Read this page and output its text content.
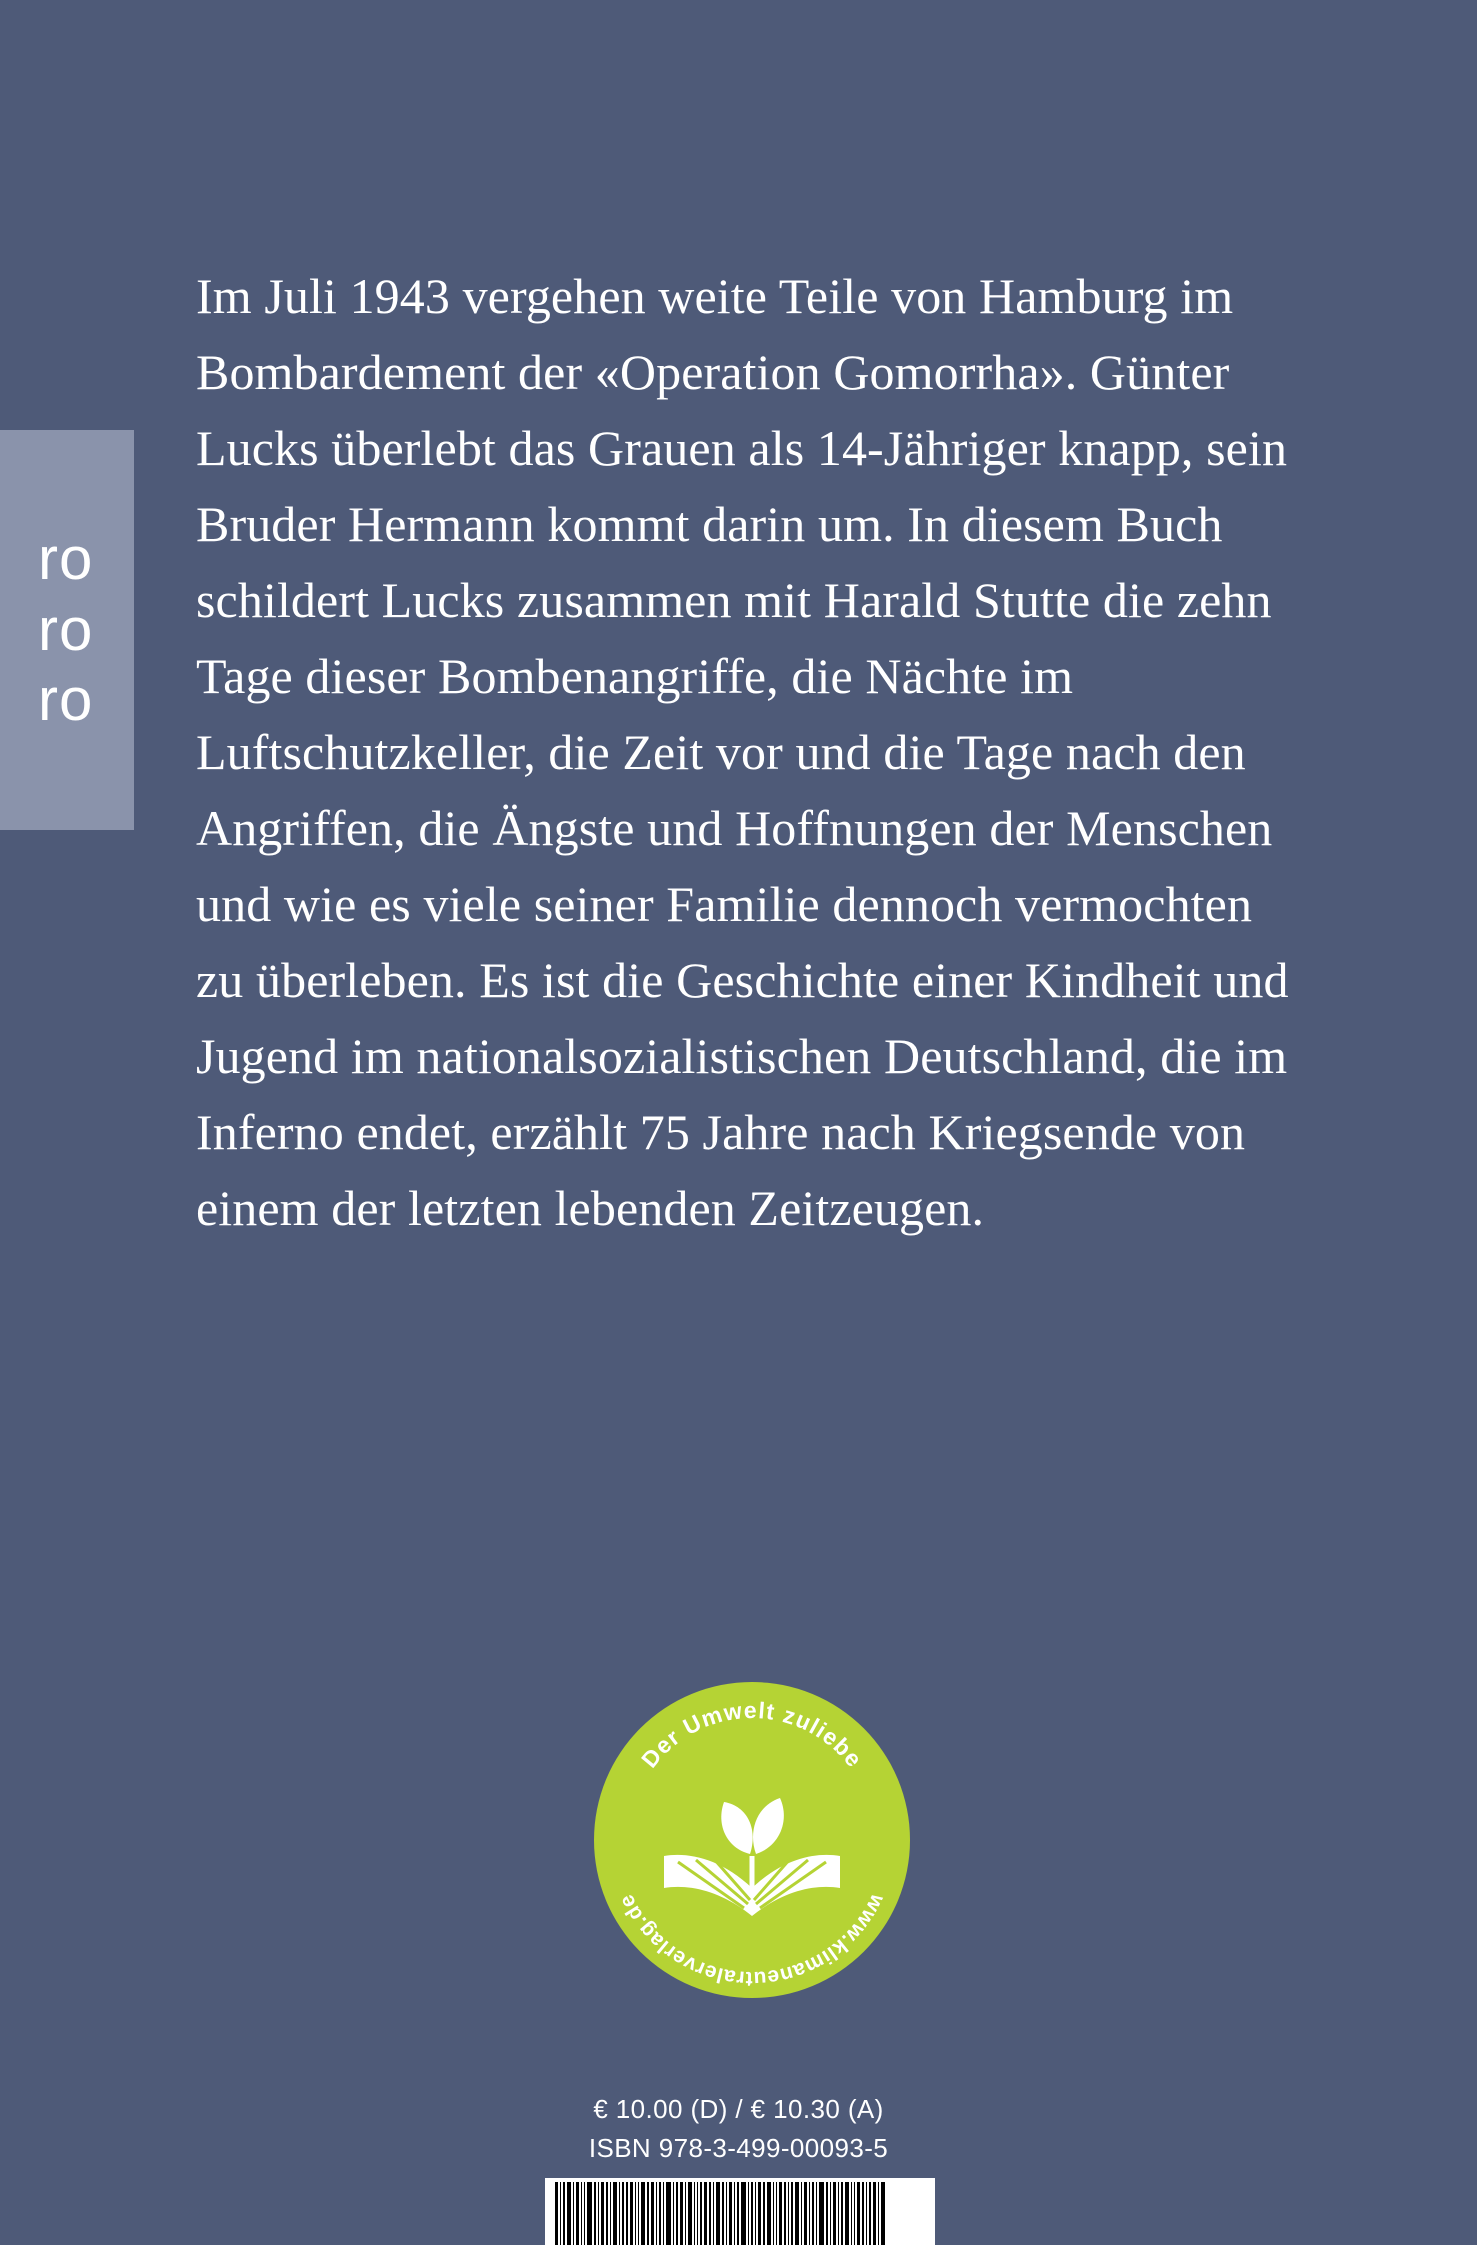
ro
ro
ro

Im Juli 1943 vergehen weite Teile von Hamburg im Bombardement der «Operation Gomorrha». Günter Lucks überlebt das Grauen als 14-Jähriger knapp, sein Bruder Hermann kommt darin um. In diesem Buch schildert Lucks zusammen mit Harald Stutte die zehn Tage dieser Bombenangriffe, die Nächte im Luftschutzkeller, die Zeit vor und die Tage nach den Angriffen, die Ängste und Hoffnungen der Menschen und wie es viele seiner Familie dennoch vermochten zu überleben. Es ist die Geschichte einer Kindheit und Jugend im nationalsozialistischen Deutschland, die im Inferno endet, erzählt 75 Jahre nach Kriegsende von einem der letzten lebenden Zeitzeugen.

Der Umwelt zuliebe
www.klimaneutralerverlag.de
€ 10.00 (D) / € 10.30 (A)
ISBN 978-3-499-00093-5
